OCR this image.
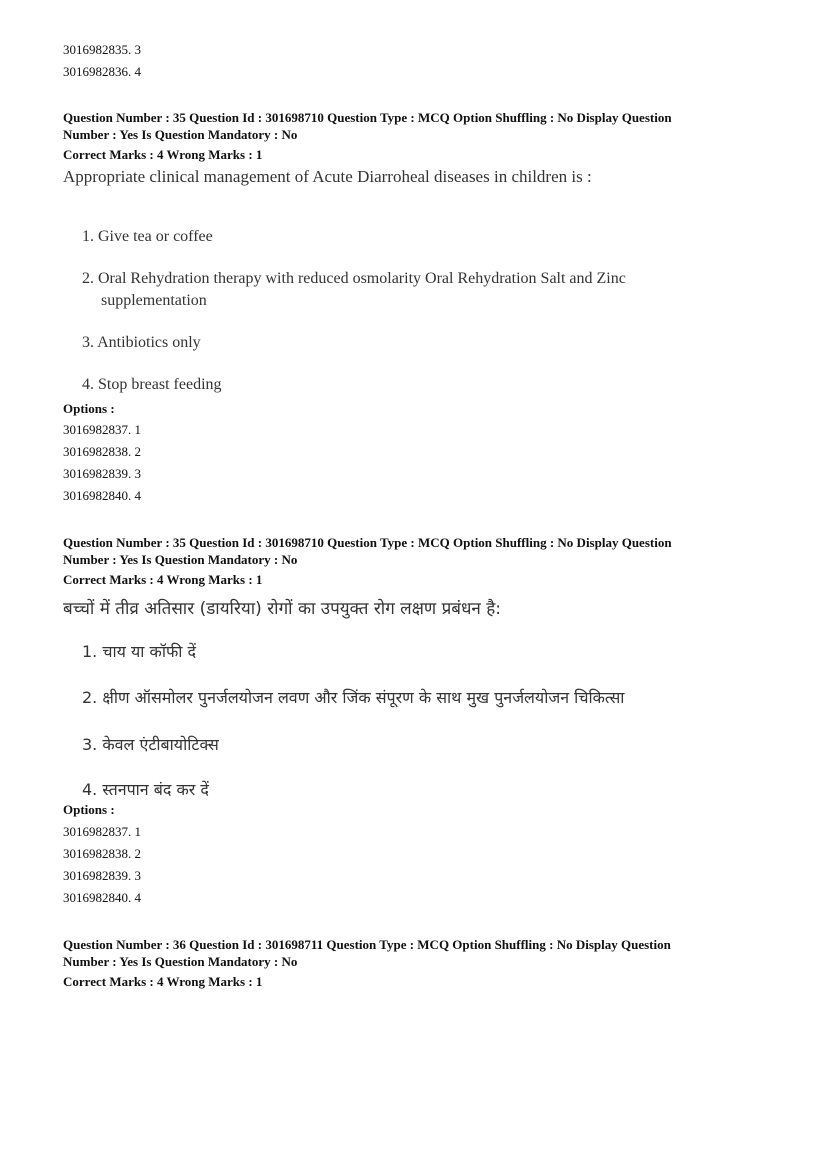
3016982835. 3
3016982836. 4
Question Number : 35 Question Id : 301698710 Question Type : MCQ Option Shuffling : No Display Question
Number : Yes Is Question Mandatory : No
Correct Marks : 4 Wrong Marks : 1
Appropriate clinical management of Acute Diarroheal diseases in children is :
1. Give tea or coffee
2. Oral Rehydration therapy with reduced osmolarity Oral Rehydration Salt and Zinc
supplementation
3. Antibiotics only
4. Stop breast feeding
Options :
3016982837. 1
3016982838. 2
3016982839. 3
3016982840. 4
Question Number : 35 Question Id : 301698710 Question Type : MCQ Option Shuffling : No Display Question
Number : Yes Is Question Mandatory : No
Correct Marks : 4 Wrong Marks : 1
बच्चों में तीव्र अतिसार (डायरिया) रोगों का उपयुक्त रोग लक्षण प्रबंधन है:
1. चाय या कॉफी दें
2. क्षीण ऑसमोलर पुनर्जलयोजन लवण और जिंक संपूरण के साथ मुख पुनर्जलयोजन चिकित्सा
3. केवल एंटीबायोटिक्स
4. स्तनपान बंद कर दें
Options :
3016982837. 1
3016982838. 2
3016982839. 3
3016982840. 4
Question Number : 36 Question Id : 301698711 Question Type : MCQ Option Shuffling : No Display Question
Number : Yes Is Question Mandatory : No
Correct Marks : 4 Wrong Marks : 1
